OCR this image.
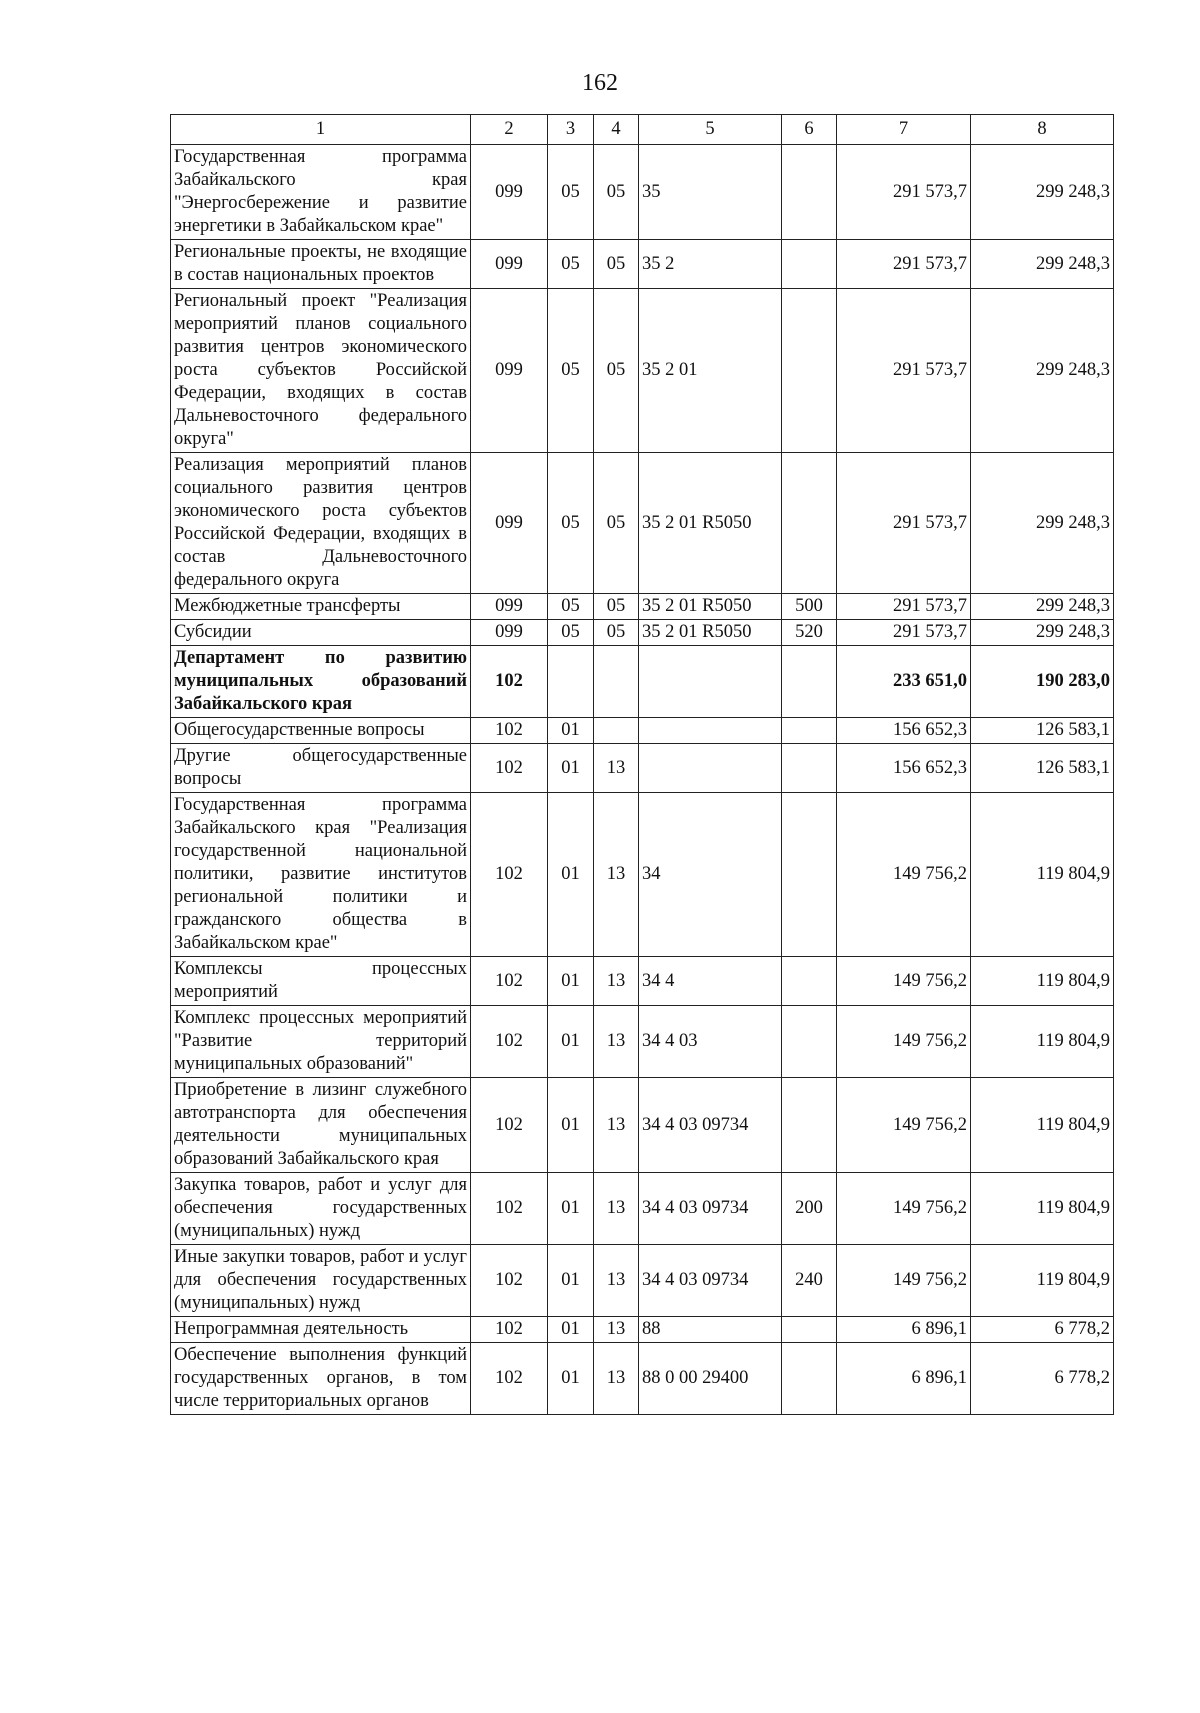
162
1	2	3	4	5	6	7	8
Государственная программа Забайкальского края "Энергосбережение и развитие энергетики в Забайкальском крае"	099	05	05	35		291 573,7	299 248,3
Региональные проекты, не входящие в состав национальных проектов	099	05	05	35 2		291 573,7	299 248,3
Региональный проект "Реализация мероприятий планов социального развития центров экономического роста субъектов Российской Федерации, входящих в состав Дальневосточного федерального округа"	099	05	05	35 2 01		291 573,7	299 248,3
Реализация мероприятий планов социального развития центров экономического роста субъектов Российской Федерации, входящих в состав Дальневосточного федерального округа	099	05	05	35 2 01 R5050		291 573,7	299 248,3
Межбюджетные трансферты	099	05	05	35 2 01 R5050	500	291 573,7	299 248,3
Субсидии	099	05	05	35 2 01 R5050	520	291 573,7	299 248,3
Департамент по развитию муниципальных образований Забайкальского края	102					233 651,0	190 283,0
Общегосударственные вопросы	102	01				156 652,3	126 583,1
Другие общегосударственные вопросы	102	01	13			156 652,3	126 583,1
Государственная программа Забайкальского края "Реализация государственной национальной политики, развитие институтов региональной политики и гражданского общества в Забайкальском крае"	102	01	13	34		149 756,2	119 804,9
Комплексы процессных мероприятий	102	01	13	34 4		149 756,2	119 804,9
Комплекс процессных мероприятий "Развитие территорий муниципальных образований"	102	01	13	34 4 03		149 756,2	119 804,9
Приобретение в лизинг служебного автотранспорта для обеспечения деятельности муниципальных образований Забайкальского края	102	01	13	34 4 03 09734		149 756,2	119 804,9
Закупка товаров, работ и услуг для обеспечения государственных (муниципальных) нужд	102	01	13	34 4 03 09734	200	149 756,2	119 804,9
Иные закупки товаров, работ и услуг для обеспечения государственных (муниципальных) нужд	102	01	13	34 4 03 09734	240	149 756,2	119 804,9
Непрограммная деятельность	102	01	13	88		6 896,1	6 778,2
Обеспечение выполнения функций государственных органов, в том числе территориальных органов	102	01	13	88 0 00 29400		6 896,1	6 778,2
